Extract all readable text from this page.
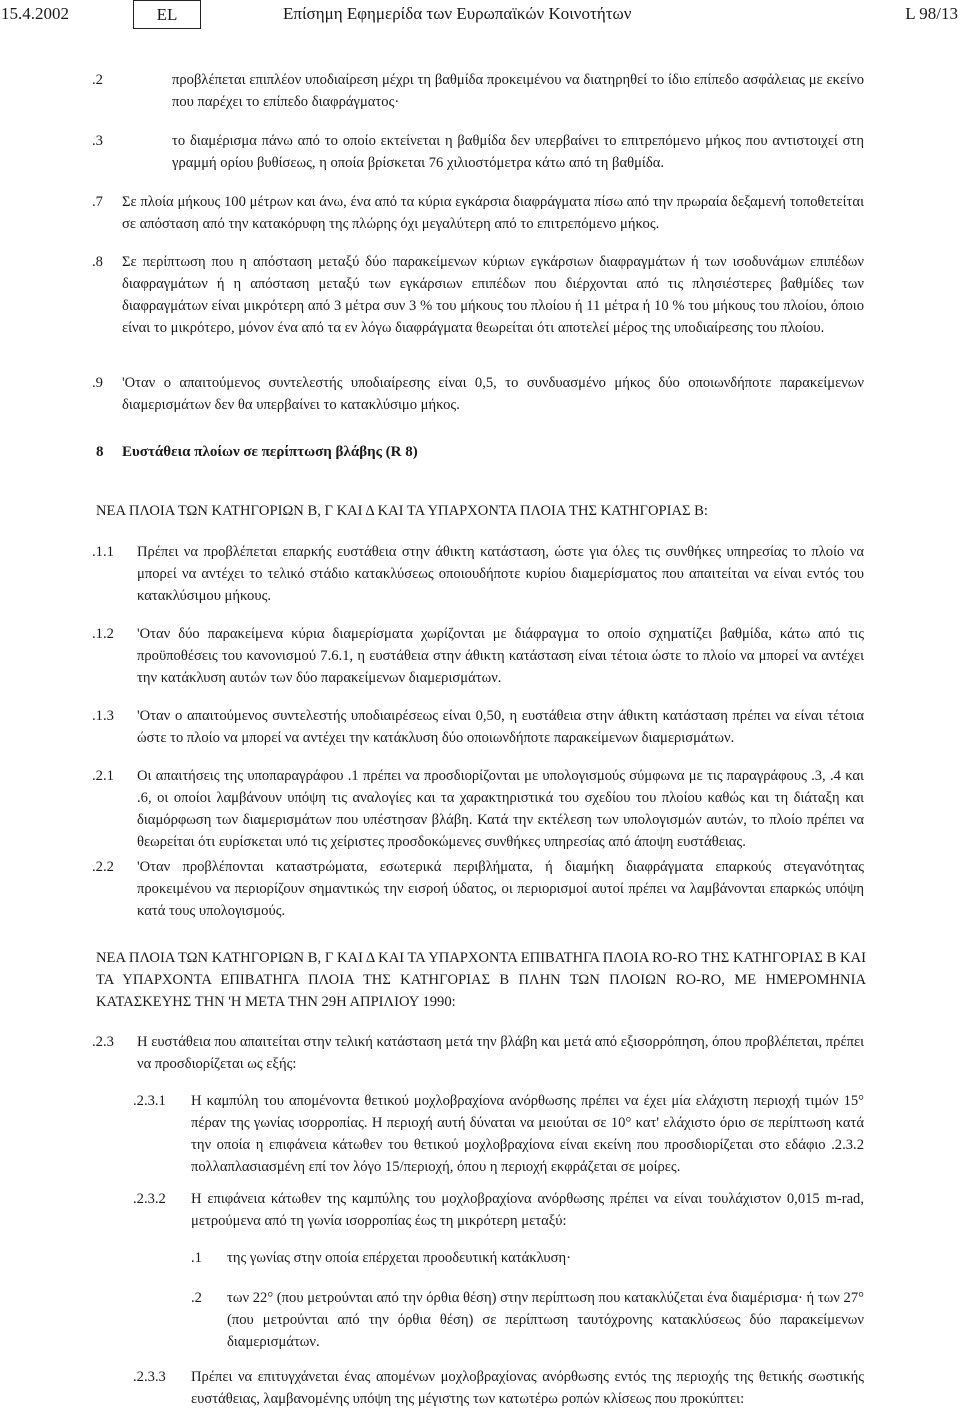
15.4.2002	EL	Επίσημη Εφημερίδα των Ευρωπαϊκών Κοινοτήτων	L 98/13
.2	προβλέπεται επιπλέον υποδιαίρεση μέχρι τη βαθμίδα προκειμένου να διατηρηθεί το ίδιο επίπεδο ασφάλειας με εκείνο που παρέχει το επίπεδο διαφράγματος·
.3	το διαμέρισμα πάνω από το οποίο εκτείνεται η βαθμίδα δεν υπερβαίνει το επιτρεπόμενο μήκος που αντιστοιχεί στη γραμμή ορίου βυθίσεως, η οποία βρίσκεται 76 χιλιοστόμετρα κάτω από τη βαθμίδα.
.7	Σε πλοία μήκους 100 μέτρων και άνω, ένα από τα κύρια εγκάρσια διαφράγματα πίσω από την πρωραία δεξαμενή τοποθετείται σε απόσταση από την κατακόρυφη της πλώρης όχι μεγαλύτερη από το επιτρεπόμενο μήκος.
.8	Σε περίπτωση που η απόσταση μεταξύ δύο παρακείμενων κύριων εγκάρσιων διαφραγμάτων ή των ισοδυνάμων επιπέδων διαφραγμάτων ή η απόσταση μεταξύ των εγκάρσιων επιπέδων που διέρχονται από τις πλησιέστερες βαθμίδες των διαφραγμάτων είναι μικρότερη από 3 μέτρα συν 3 % του μήκους του πλοίου ή 11 μέτρα ή 10 % του μήκους του πλοίου, όποιο είναι το μικρότερο, μόνον ένα από τα εν λόγω διαφράγματα θεωρείται ότι αποτελεί μέρος της υποδιαίρεσης του πλοίου.
.9	'Οταν ο απαιτούμενος συντελεστής υποδιαίρεσης είναι 0,5, το συνδυασμένο μήκος δύο οποιωνδήποτε παρακείμενων διαμερισμάτων δεν θα υπερβαίνει το κατακλύσιμο μήκος.
8 Ευστάθεια πλοίων σε περίπτωση βλάβης (R 8)
ΝΕΑ ΠΛΟΙΑ ΤΩΝ ΚΑΤΗΓΟΡΙΩΝ Β, Γ ΚΑΙ Δ ΚΑΙ ΤΑ ΥΠΑΡΧΟΝΤΑ ΠΛΟΙΑ ΤΗΣ ΚΑΤΗΓΟΡΙΑΣ Β:
.1.1	Πρέπει να προβλέπεται επαρκής ευστάθεια στην άθικτη κατάσταση, ώστε για όλες τις συνθήκες υπηρεσίας το πλοίο να μπορεί να αντέχει το τελικό στάδιο κατακλύσεως οποιουδήποτε κυρίου διαμερίσματος που απαιτείται να είναι εντός του κατακλύσιμου μήκους.
.1.2	'Οταν δύο παρακείμενα κύρια διαμερίσματα χωρίζονται με διάφραγμα το οποίο σχηματίζει βαθμίδα, κάτω από τις προϋποθέσεις του κανονισμού 7.6.1, η ευστάθεια στην άθικτη κατάσταση είναι τέτοια ώστε το πλοίο να μπορεί να αντέχει την κατάκλυση αυτών των δύο παρακείμενων διαμερισμάτων.
.1.3	'Οταν ο απαιτούμενος συντελεστής υποδιαιρέσεως είναι 0,50, η ευστάθεια στην άθικτη κατάσταση πρέπει να είναι τέτοια ώστε το πλοίο να μπορεί να αντέχει την κατάκλυση δύο οποιωνδήποτε παρακείμενων διαμερισμάτων.
.2.1	Οι απαιτήσεις της υποπαραγράφου .1 πρέπει να προσδιορίζονται με υπολογισμούς σύμφωνα με τις παραγράφους .3, .4 και .6, οι οποίοι λαμβάνουν υπόψη τις αναλογίες και τα χαρακτηριστικά του σχεδίου του πλοίου καθώς και τη διάταξη και διαμόρφωση των διαμερισμάτων που υπέστησαν βλάβη. Κατά την εκτέλεση των υπολογισμών αυτών, το πλοίο πρέπει να θεωρείται ότι ευρίσκεται υπό τις χείριστες προσδοκώμενες συνθήκες υπηρεσίας από άποψη ευστάθειας.
.2.2	'Οταν προβλέπονται καταστρώματα, εσωτερικά περιβλήματα, ή διαμήκη διαφράγματα επαρκούς στεγανότητας προκειμένου να περιορίζουν σημαντικώς την εισροή ύδατος, οι περιορισμοί αυτοί πρέπει να λαμβάνονται επαρκώς υπόψη κατά τους υπολογισμούς.
ΝΕΑ ΠΛΟΙΑ ΤΩΝ ΚΑΤΗΓΟΡΙΩΝ Β, Γ ΚΑΙ Δ ΚΑΙ ΤΑ ΥΠΑΡΧΟΝΤΑ ΕΠΙΒΑΤΗΓΑ ΠΛΟΙΑ RO-RO ΤΗΣ ΚΑΤΗΓΟΡΙΑΣ Β ΚΑΙ ΤΑ ΥΠΑΡΧΟΝΤΑ ΕΠΙΒΑΤΗΓΑ ΠΛΟΙΑ ΤΗΣ ΚΑΤΗΓΟΡΙΑΣ Β ΠΛΗΝ ΤΩΝ ΠΛΟΙΩΝ RO-RO, ΜΕ ΗΜΕΡΟΜΗΝΙΑ ΚΑΤΑΣΚΕΥΗΣ ΤΗΝ 'Η ΜΕΤΑ ΤΗΝ 29Η ΑΠΡΙΛΙΟΥ 1990:
.2.3	Η ευστάθεια που απαιτείται στην τελική κατάσταση μετά την βλάβη και μετά από εξισορρόπηση, όπου προβλέπεται, πρέπει να προσδιορίζεται ως εξής:
.2.3.1	Η καμπύλη του απομένοντα θετικού μοχλοβραχίονα ανόρθωσης πρέπει να έχει μία ελάχιστη περιοχή τιμών 15° πέραν της γωνίας ισορροπίας. Η περιοχή αυτή δύναται να μειούται σε 10° κατ' ελάχιστο όριο σε περίπτωση κατά την οποία η επιφάνεια κάτωθεν του θετικού μοχλοβραχίονα είναι εκείνη που προσδιορίζεται στο εδάφιο .2.3.2 πολλαπλασιασμένη επί τον λόγο 15/περιοχή, όπου η περιοχή εκφράζεται σε μοίρες.
.2.3.2	Η επιφάνεια κάτωθεν της καμπύλης του μοχλοβραχίονα ανόρθωσης πρέπει να είναι τουλάχιστον 0,015 m-rad, μετρούμενα από τη γωνία ισορροπίας έως τη μικρότερη μεταξύ:
.1	της γωνίας στην οποία επέρχεται προοδευτική κατάκλυση·
.2	των 22° (που μετρούνται από την όρθια θέση) στην περίπτωση που κατακλύζεται ένα διαμέρισμα· ή των 27° (που μετρούνται από την όρθια θέση) σε περίπτωση ταυτόχρονης κατακλύσεως δύο παρακείμενων διαμερισμάτων.
.2.3.3	Πρέπει να επιτυγχάνεται ένας απομένων μοχλοβραχίονας ανόρθωσης εντός της περιοχής της θετικής σωστικής ευστάθειας, λαμβανομένης υπόψη της μέγιστης των κατωτέρω ροπών κλίσεως που προκύπτει:
